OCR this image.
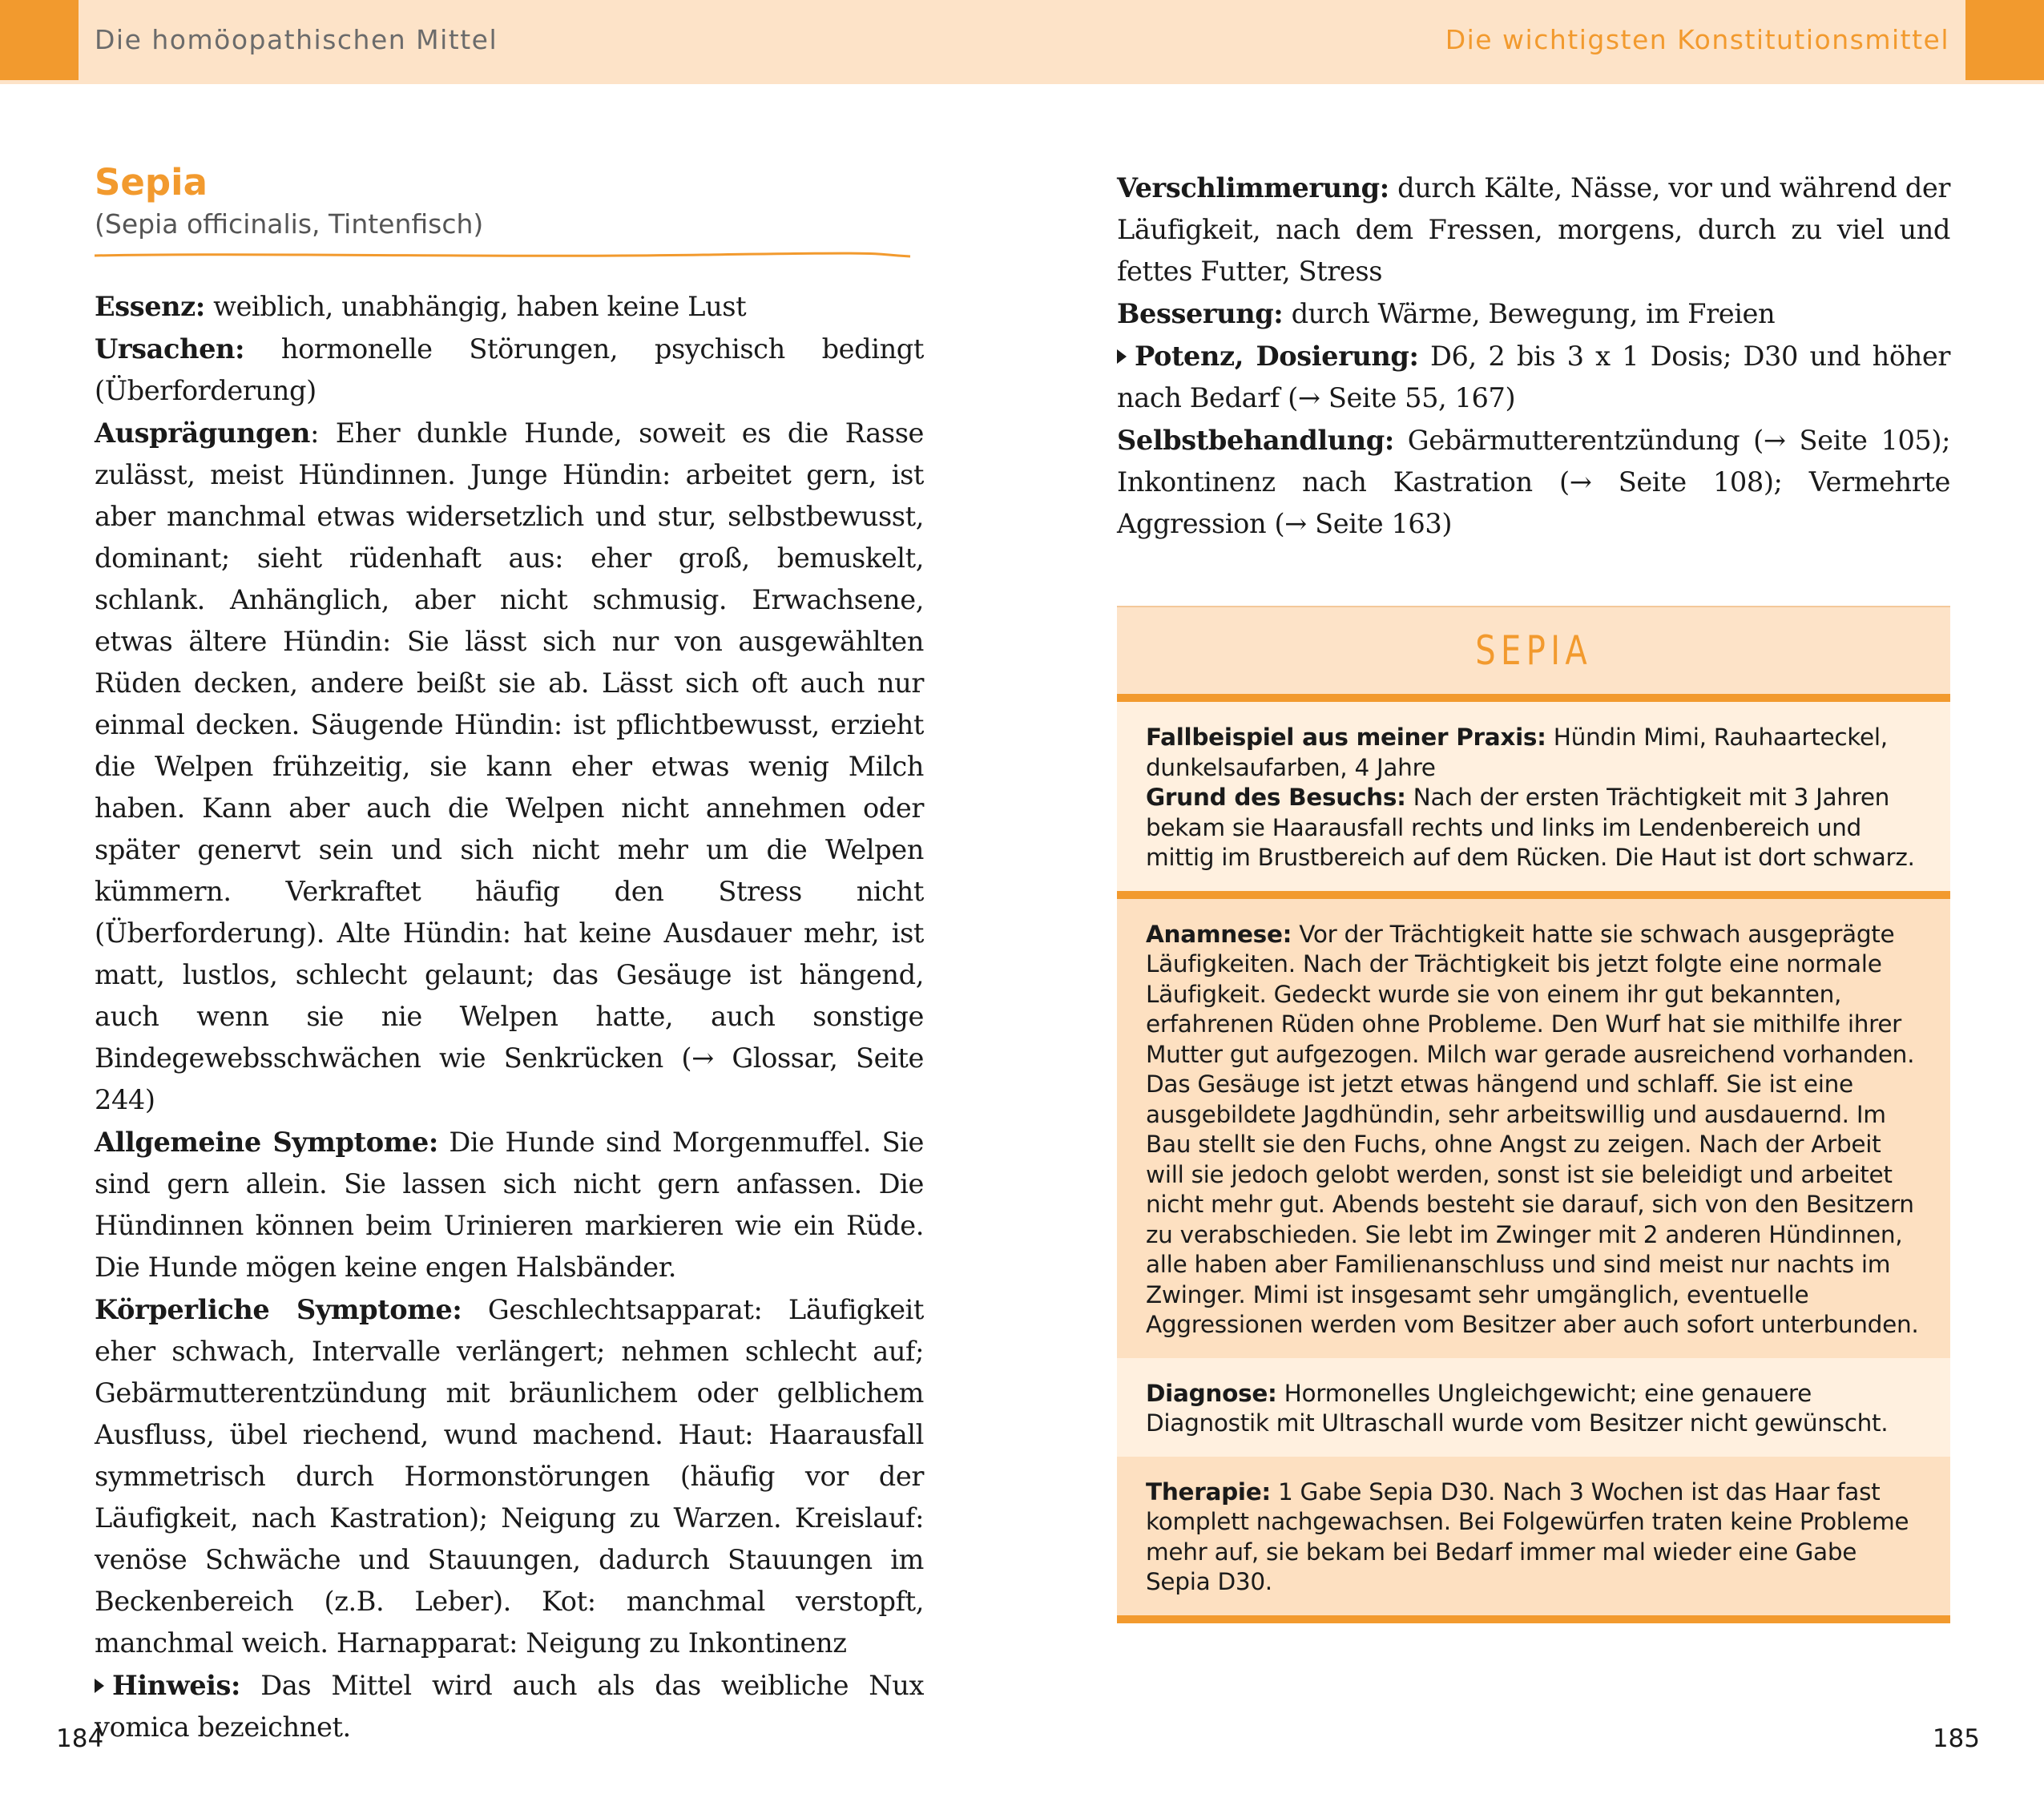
Die homöopathischen Mittel	Die wichtigsten Konstitutionsmittel
Sepia

(Sepia officinalis, Tintenfisch)

Essenz: weiblich, unabhängig, haben keine Lust
Ursachen: hormonelle Störungen, psychisch bedingt (Überforderung)
Ausprägungen: Eher dunkle Hunde, soweit es die Rasse zulässt, meist Hündinnen. Junge Hündin: arbeitet gern, ist aber manchmal etwas widersetzlich und stur, selbstbewusst, dominant; sieht rüdenhaft aus: eher groß, bemuskelt, schlank. Anhänglich, aber nicht schmusig. Erwachsene, etwas ältere Hündin: Sie lässt sich nur von ausgewählten Rüden decken, andere beißt sie ab. Lässt sich oft auch nur einmal decken. Säugende Hündin: ist pflichtbewusst, erzieht die Welpen frühzeitig, sie kann eher etwas wenig Milch haben. Kann aber auch die Welpen nicht annehmen oder später genervt sein und sich nicht mehr um die Welpen kümmern. Verkraftet häufig den Stress nicht (Überforderung). Alte Hündin: hat keine Ausdauer mehr, ist matt, lustlos, schlecht gelaunt; das Gesäuge ist hängend, auch wenn sie nie Welpen hatte, auch sonstige Bindegewebsschwächen wie Senkrücken (→ Glossar, Seite 244)
Allgemeine Symptome: Die Hunde sind Morgenmuffel. Sie sind gern allein. Sie lassen sich nicht gern anfassen. Die Hündinnen können beim Urinieren markieren wie ein Rüde. Die Hunde mögen keine engen Halsbänder.
Körperliche Symptome: Geschlechtsapparat: Läufigkeit eher schwach, Intervalle verlängert; nehmen schlecht auf; Gebärmutterentzündung mit bräunlichem oder gelblichem Ausfluss, übel riechend, wund machend. Haut: Haarausfall symmetrisch durch Hormonstörungen (häufig vor der Läufigkeit, nach Kastration); Neigung zu Warzen. Kreislauf: venöse Schwäche und Stauungen, dadurch Stauungen im Beckenbereich (z.B. Leber). Kot: manchmal verstopft, manchmal weich. Harnapparat: Neigung zu Inkontinenz
Hinweis: Das Mittel wird auch als das weibliche Nux vomica bezeichnet.

Verschlimmerung: durch Kälte, Nässe, vor und während der Läufigkeit, nach dem Fressen, morgens, durch zu viel und fettes Futter, Stress
Besserung: durch Wärme, Bewegung, im Freien
Potenz, Dosierung: D6, 2 bis 3 x 1 Dosis; D30 und höher nach Bedarf (→ Seite 55, 167)
Selbstbehandlung: Gebärmutterentzündung (→ Seite 105); Inkontinenz nach Kastration (→ Seite 108); Vermehrte Aggression (→ Seite 163)

SEPIA

Fallbeispiel aus meiner Praxis: Hündin Mimi, Rauhaarteckel, dunkelsaufarben, 4 Jahre
Grund des Besuchs: Nach der ersten Trächtigkeit mit 3 Jahren bekam sie Haarausfall rechts und links im Lendenbereich und mittig im Brustbereich auf dem Rücken. Die Haut ist dort schwarz.

Anamnese: Vor der Trächtigkeit hatte sie schwach ausgeprägte Läufigkeiten. Nach der Trächtigkeit bis jetzt folgte eine normale Läufigkeit. Gedeckt wurde sie von einem ihr gut bekannten, erfahrenen Rüden ohne Probleme. Den Wurf hat sie mithilfe ihrer Mutter gut aufgezogen. Milch war gerade ausreichend vorhanden. Das Gesäuge ist jetzt etwas hängend und schlaff. Sie ist eine ausgebildete Jagdhündin, sehr arbeitswillig und ausdauernd. Im Bau stellt sie den Fuchs, ohne Angst zu zeigen. Nach der Arbeit will sie jedoch gelobt werden, sonst ist sie beleidigt und arbeitet nicht mehr gut. Abends besteht sie darauf, sich von den Besitzern zu verabschieden. Sie lebt im Zwinger mit 2 anderen Hündinnen, alle haben aber Familienanschluss und sind meist nur nachts im Zwinger. Mimi ist insgesamt sehr umgänglich, eventuelle Aggressionen werden vom Besitzer aber auch sofort unterbunden.

Diagnose: Hormonelles Ungleichgewicht; eine genauere Diagnostik mit Ultraschall wurde vom Besitzer nicht gewünscht.

Therapie: 1 Gabe Sepia D30. Nach 3 Wochen ist das Haar fast komplett nachgewachsen. Bei Folgewürfen traten keine Probleme mehr auf, sie bekam bei Bedarf immer mal wieder eine Gabe Sepia D30.

184	185
